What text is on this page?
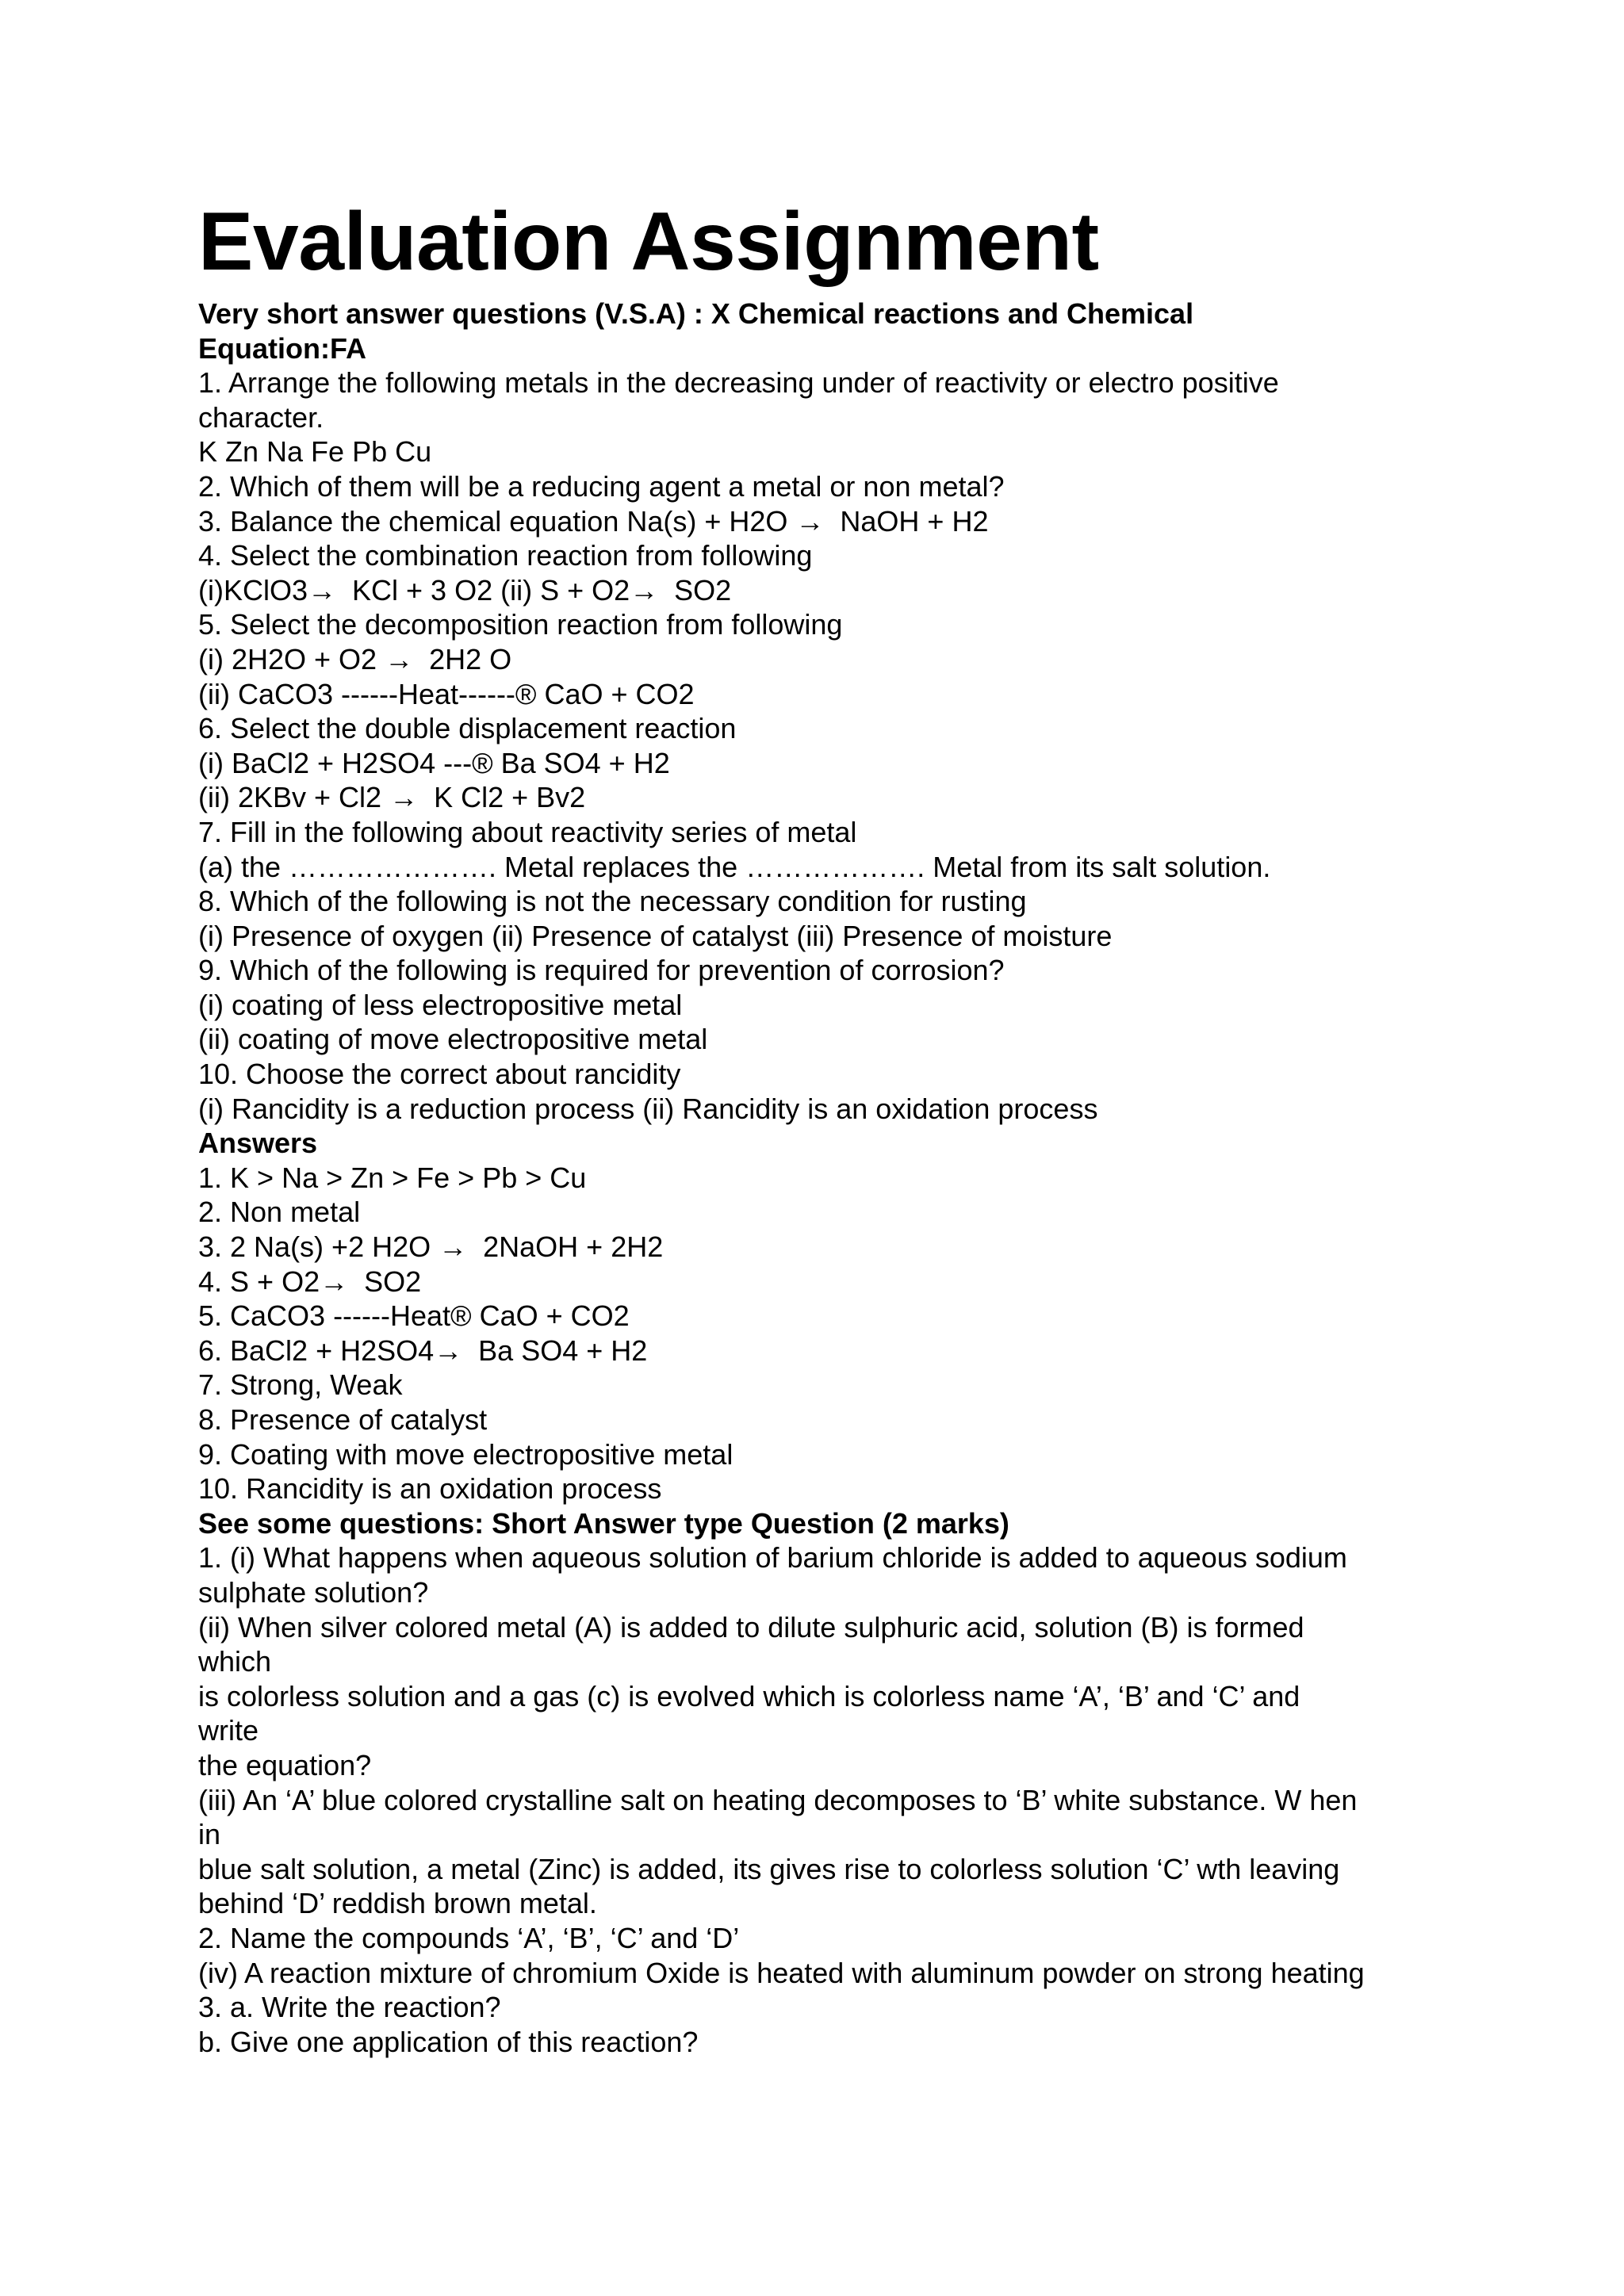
Evaluation Assignment

Very short answer questions (V.S.A) : X Chemical reactions and Chemical

Equation:FA

1. Arrange the following metals in the decreasing under of reactivity or electro positive

character.

K Zn Na Fe Pb Cu

2. Which of them will be a reducing agent a metal or non metal?

3. Balance the chemical equation Na(s) + H2O →  NaOH + H2

4. Select the combination reaction from following

(i)KClO3→  KCl + 3 O2 (ii) S + O2→  SO2

5. Select the decomposition reaction from following

(i) 2H2O + O2 →  2H2 O

(ii) CaCO3 ------Heat------® CaO + CO2

6. Select the double displacement reaction

(i) BaCl2 + H2SO4 ---® Ba SO4 + H2

(ii) 2KBv + Cl2 →  K Cl2 + Bv2

7. Fill in the following about reactivity series of metal

(a) the …………………. Metal replaces the ………………. Metal from its salt solution.

8. Which of the following is not the necessary condition for rusting

(i) Presence of oxygen (ii) Presence of catalyst (iii) Presence of moisture

9. Which of the following is required for prevention of corrosion?

(i) coating of less electropositive metal

(ii) coating of move electropositive metal

10. Choose the correct about rancidity

(i) Rancidity is a reduction process (ii) Rancidity is an oxidation process

Answers

1. K > Na > Zn > Fe > Pb > Cu

2. Non metal

3. 2 Na(s) +2 H2O →  2NaOH + 2H2

4. S + O2→  SO2

5. CaCO3 ------Heat® CaO + CO2

6. BaCl2 + H2SO4→  Ba SO4 + H2

7. Strong, Weak

8. Presence of catalyst

9. Coating with move electropositive metal

10. Rancidity is an oxidation process

See some questions: Short Answer type Question (2 marks)

1. (i) What happens when aqueous solution of barium chloride is added to aqueous sodium

sulphate solution?

(ii) When silver colored metal (A) is added to dilute sulphuric acid, solution (B) is formed

which

is colorless solution and a gas (c) is evolved which is colorless name ‘A’, ‘B’ and ‘C’ and

write

the equation?

(iii) An ‘A’ blue colored crystalline salt on heating decomposes to ‘B’ white substance. W hen

in

blue salt solution, a metal (Zinc) is added, its gives rise to colorless solution ‘C’ wth leaving

behind ‘D’ reddish brown metal.

2. Name the compounds ‘A’, ‘B’, ‘C’ and ‘D’

(iv) A reaction mixture of chromium Oxide is heated with aluminum powder on strong heating

3. a. Write the reaction?

b. Give one application of this reaction?
